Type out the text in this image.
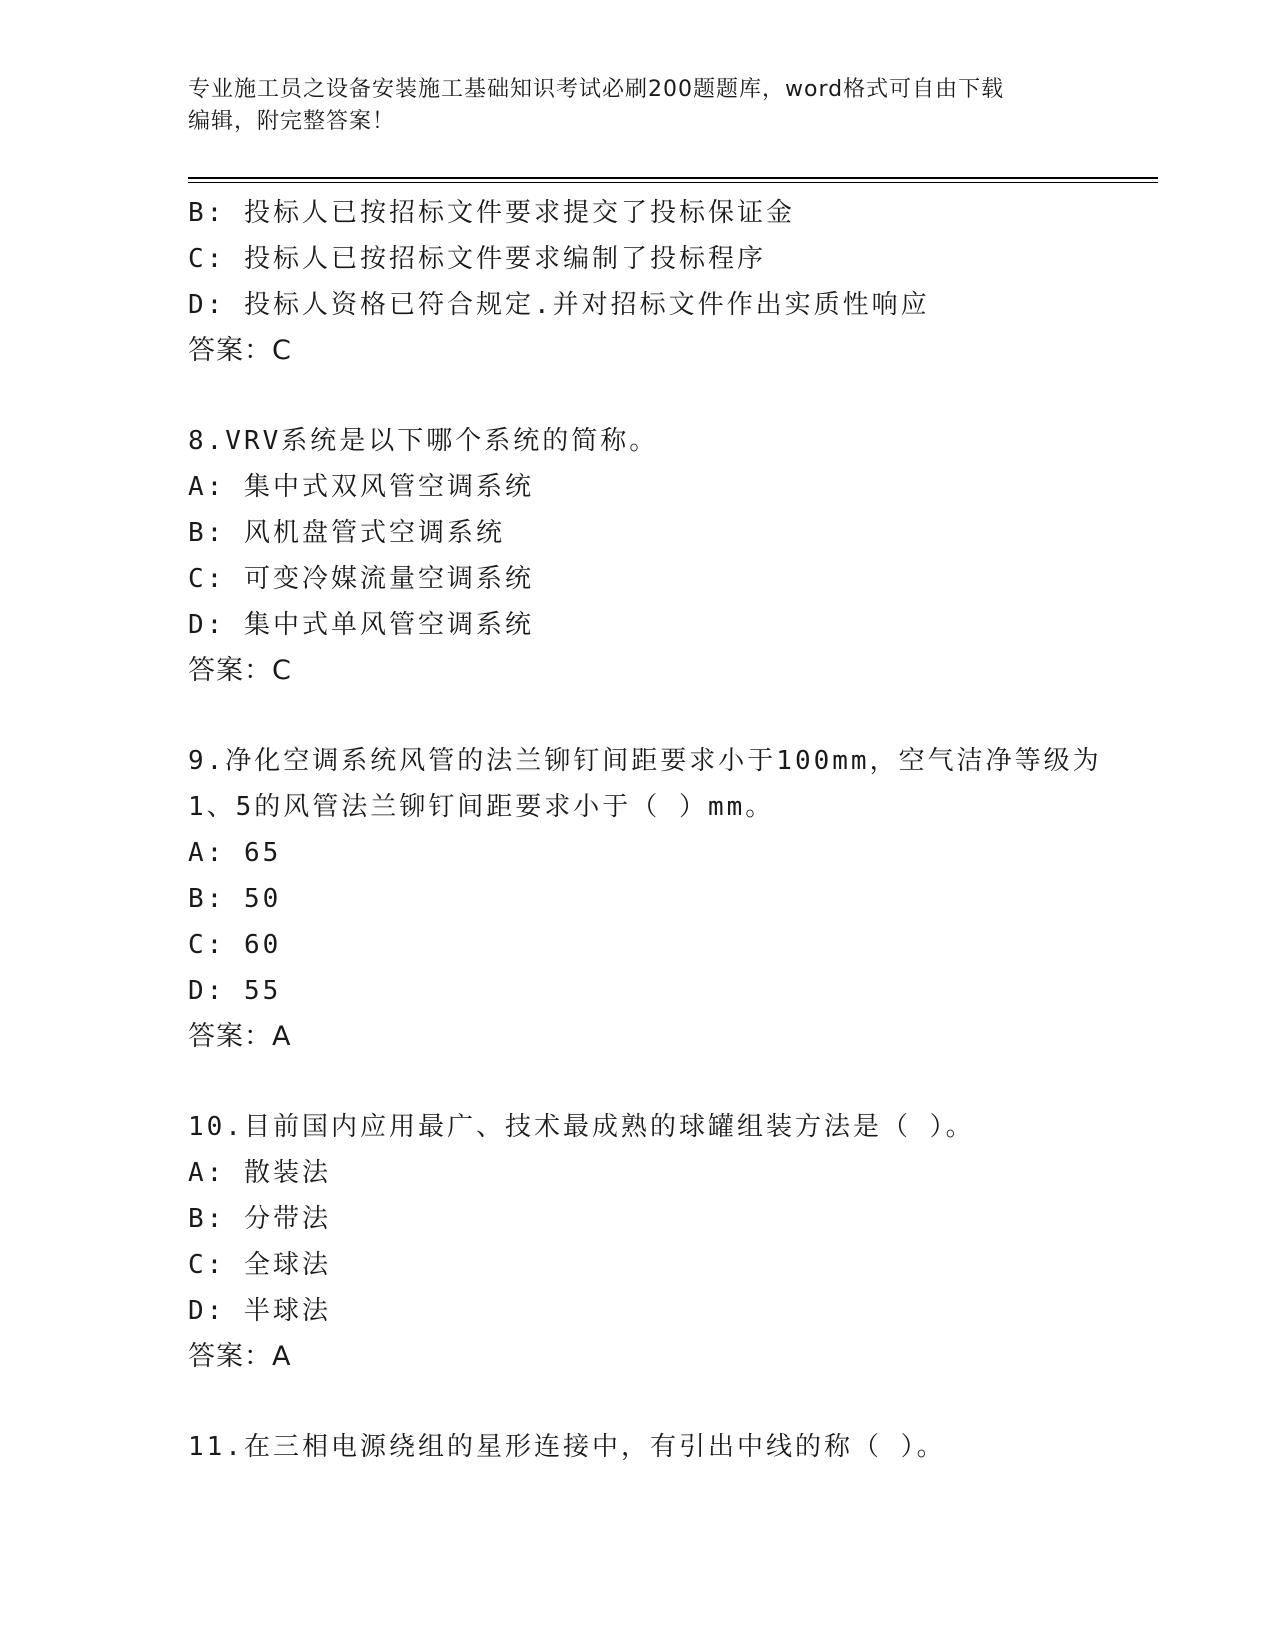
专业施工员之设备安装施工基础知识考试必刷200题题库，word格式可自由下载
编辑，附完整答案！
B: 投标人已按招标文件要求提交了投标保证金
C: 投标人已按招标文件要求编制了投标程序
D: 投标人资格已符合规定.并对招标文件作出实质性响应
答案：C
8.VRV系统是以下哪个系统的简称。
A: 集中式双风管空调系统
B: 风机盘管式空调系统
C: 可变冷媒流量空调系统
D: 集中式单风管空调系统
答案：C
9.净化空调系统风管的法兰铆钉间距要求小于100mm，空气洁净等级为
1、5的风管法兰铆钉间距要求小于（ ）mm。
A: 65
B: 50
C: 60
D: 55
答案：A
10.目前国内应用最广、技术最成熟的球罐组装方法是（ ）。
A: 散装法
B: 分带法
C: 全球法
D: 半球法
答案：A
11.在三相电源绕组的星形连接中，有引出中线的称（ ）。
